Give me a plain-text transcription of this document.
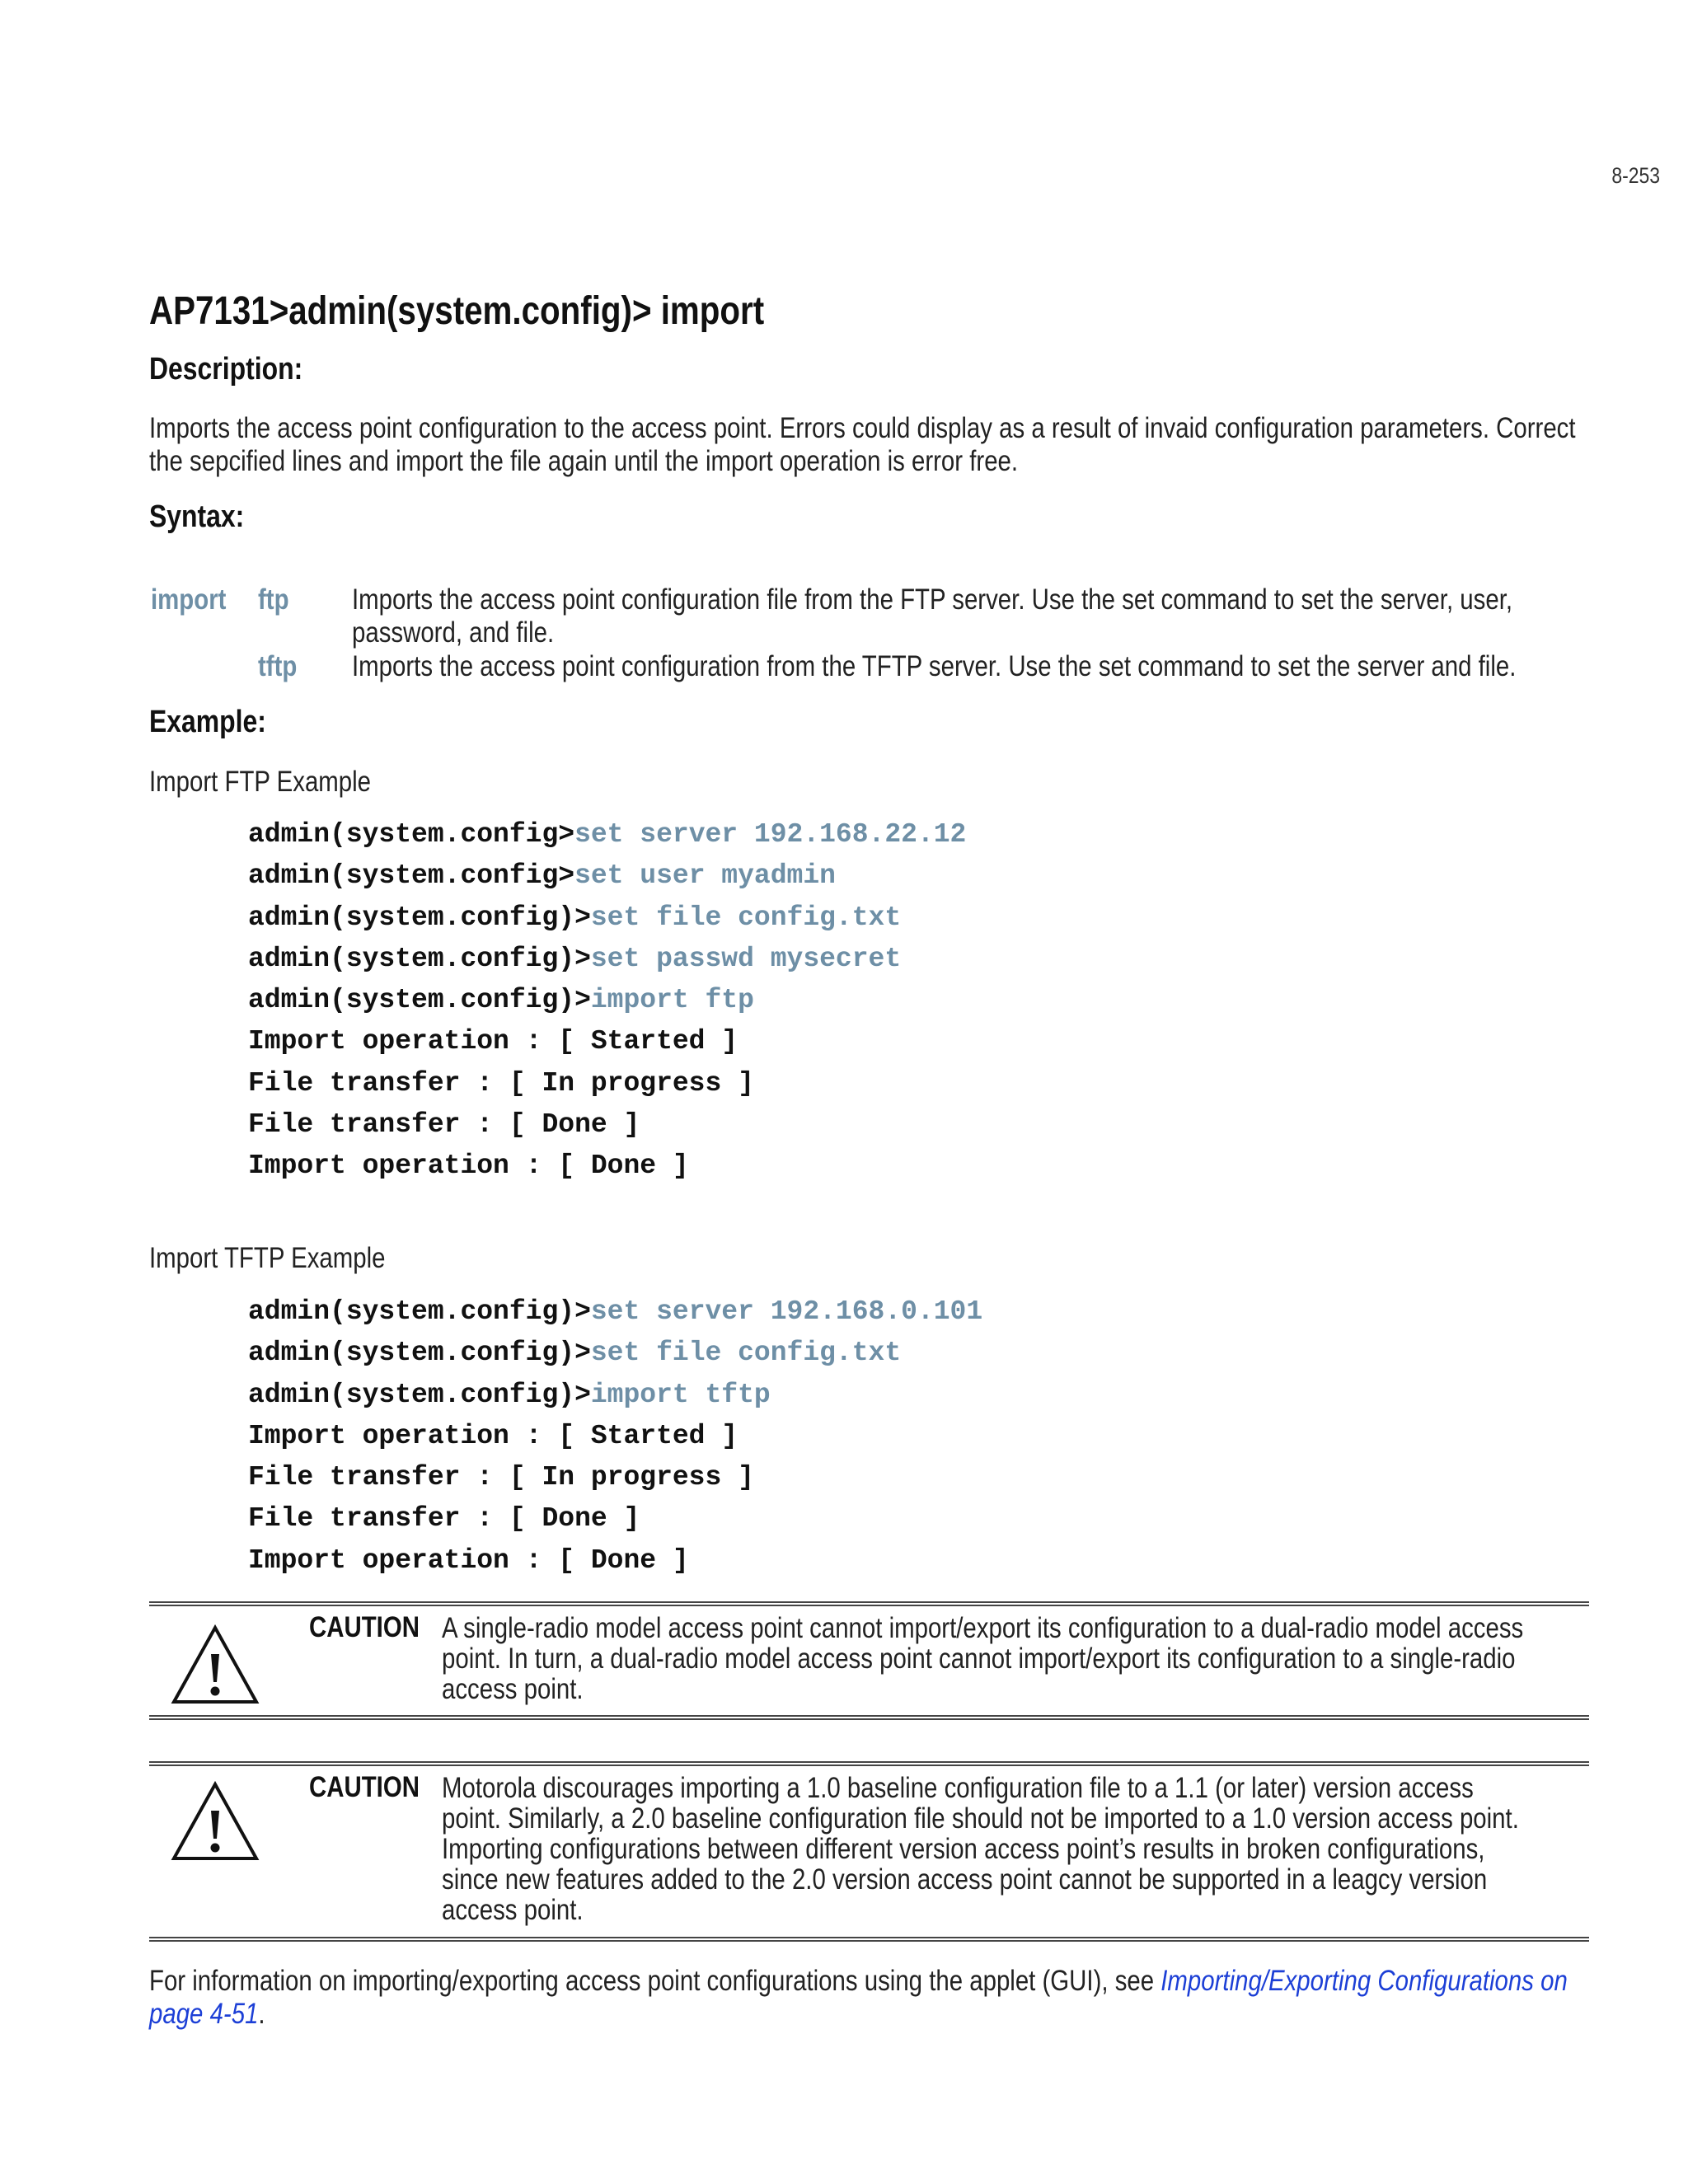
8-253
AP7131>admin(system.config)> import
Description:
Imports the access point configuration to the access point. Errors could display as a result of invaid configuration parameters. Correct
the sepcified lines and import the file again until the import operation is error free.
Syntax:
import ftp Imports the access point configuration file from the FTP server. Use the set command to set the server, user,
password, and file.
tftp Imports the access point configuration from the TFTP server. Use the set command to set the server and file.
Example:
Import FTP Example
admin(system.config>set server 192.168.22.12
admin(system.config>set user myadmin
admin(system.config)>set file config.txt
admin(system.config)>set passwd mysecret
admin(system.config)>import ftp
Import operation : [ Started ]
File transfer : [ In progress ]
File transfer : [ Done ]
Import operation : [ Done ]
Import TFTP Example
admin(system.config)>set server 192.168.0.101
admin(system.config)>set file config.txt
admin(system.config)>import tftp
Import operation : [ Started ]
File transfer : [ In progress ]
File transfer : [ Done ]
Import operation : [ Done ]
CAUTION A single-radio model access point cannot import/export its configuration to a dual-radio model access
point. In turn, a dual-radio model access point cannot import/export its configuration to a single-radio
access point.
CAUTION Motorola discourages importing a 1.0 baseline configuration file to a 1.1 (or later) version access
point. Similarly, a 2.0 baseline configuration file should not be imported to a 1.0 version access point.
Importing configurations between different version access point’s results in broken configurations,
since new features added to the 2.0 version access point cannot be supported in a leagcy version
access point.
For information on importing/exporting access point configurations using the applet (GUI), see Importing/Exporting Configurations on
page 4-51.
